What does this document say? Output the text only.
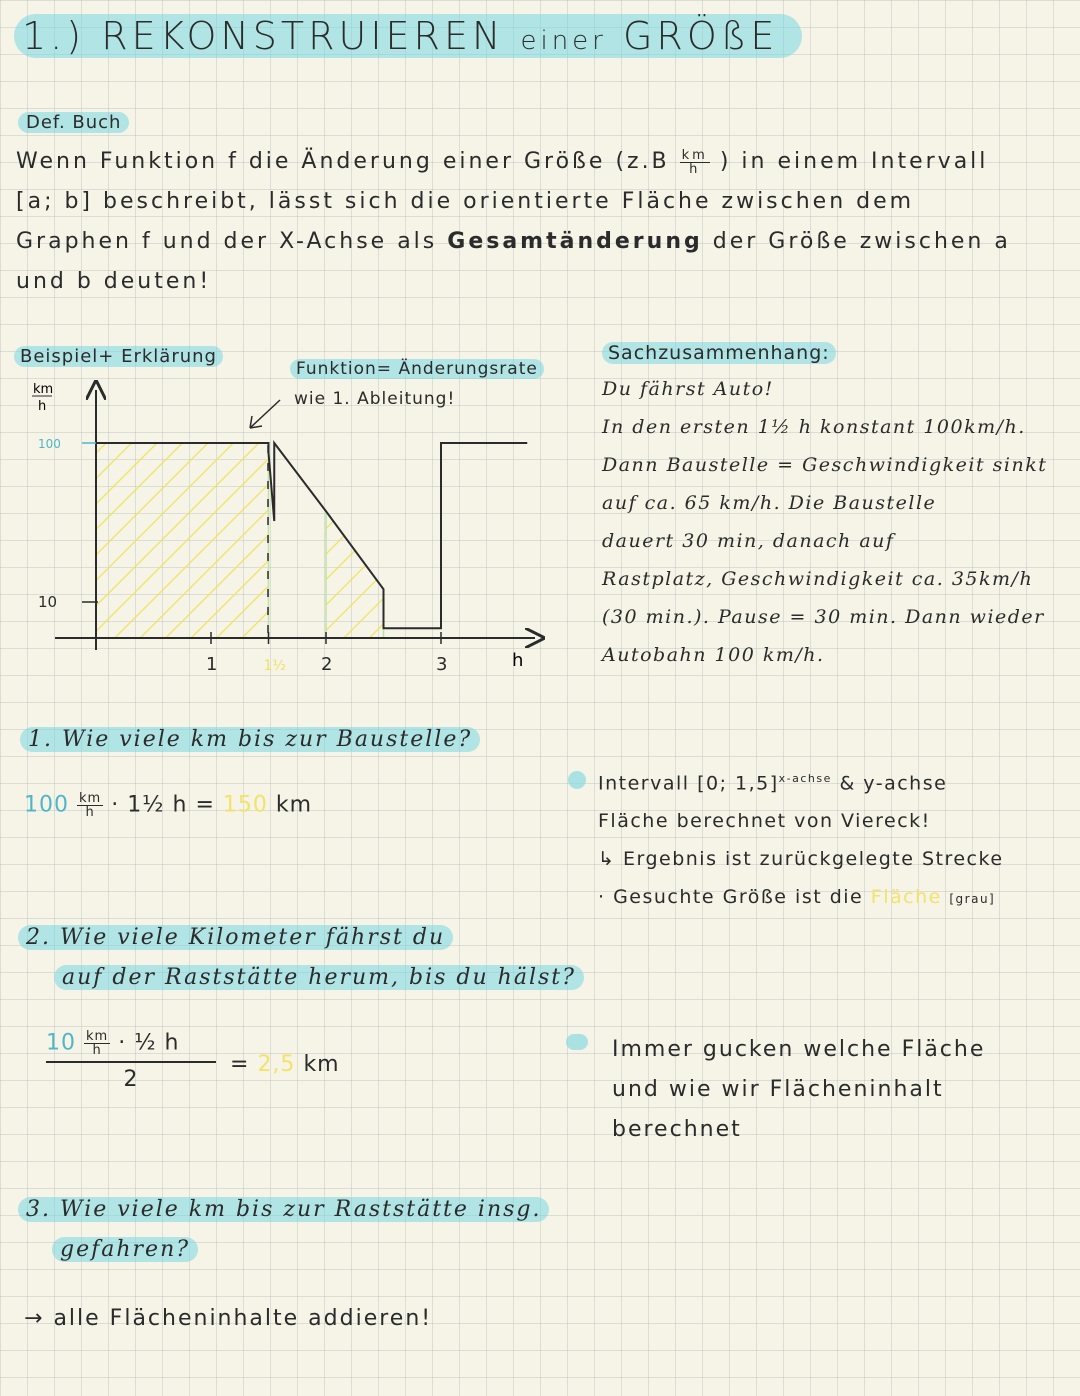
1.) REKONSTRUIEREN einer GRÖßE
Def. Buch
Wenn Funktion f die Änderung einer Größe ($z.B \frac{km}{h}$ ) in einem Intervall
[a; b] beschreibt, lässt sich die orientierte Fläche zwischen dem
Graphen f und der X-Achse als Gesamtänderung der Größe zwischen a
und b deuten!
Beispiel+ Erklärung
Funktion= Änderungsrate
wie 1. Ableitung!
1	1½ 2	3
100
10
km
h
h
Sachzusammenhang:
Du fährst Auto!
In den ersten 1½ h konstant 100km/h.
Dann Baustelle = Geschwindigkeit sinkt
auf ca. 65 km/h. Die Baustelle
dauert 30 min, danach auf
Rastplatz, Geschwindigkeit ca. 35km/h
(30 min.). Pause = 30 min. Dann wieder
Autobahn 100 km/h.
1. Wie viele km bis zur Baustelle?
$100 \frac{km}{h}$ · 1½ h = 150 km
Intervall [0; 1,5]$^{x-achse}$ & y-achse
Fläche berechnet von Viereck!
↳ Ergebnis ist zurückgelegte Strecke
· Gesuchte Größe ist die Fläche [grau]
2. Wie viele Kilometer fährst du
auf der Raststätte herum, bis du hälst?
$10 \frac{km}{h}$ · ½ h
2
= 2,5 km
Immer gucken welche Fläche
und wie wir Flächeninhalt
berechnet
3. Wie viele km bis zur Raststätte insg.
gefahren?
→ alle Flächeninhalte addieren!
